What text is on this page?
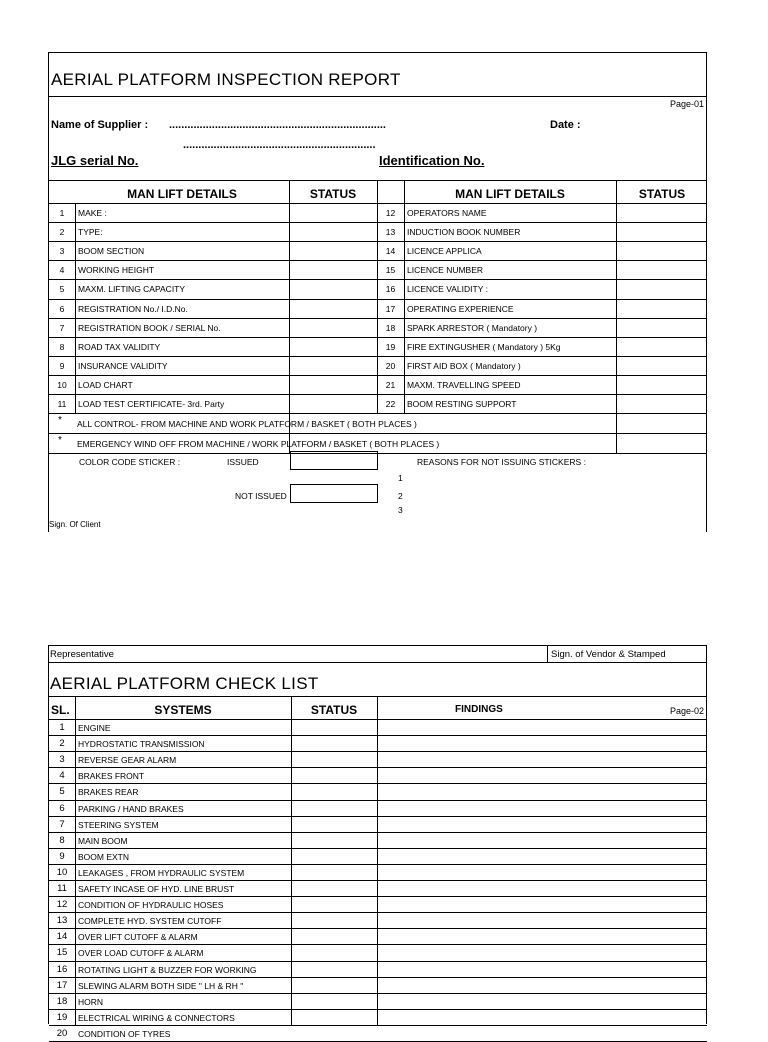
AERIAL PLATFORM INSPECTION REPORT
Page-01
Name of Supplier : .......................................................................
...............................................................
Date :
JLG serial No.	Identification No.
MAN LIFT DETAILS	STATUS	MAN LIFT DETAILS	STATUS
1	MAKE :	12	OPERATORS NAME
2	TYPE:	13	INDUCTION BOOK NUMBER
3	BOOM SECTION	14	LICENCE APPLICA
4	WORKING HEIGHT	15	LICENCE NUMBER
5	MAXM. LIFTING CAPACITY	16	LICENCE VALIDITY :
6	REGISTRATION No./ I.D.No.	17	OPERATING EXPERIENCE
7	REGISTRATION BOOK / SERIAL No.	18	SPARK ARRESTOR ( Mandatory )
8	ROAD TAX VALIDITY	19	FIRE EXTINGUSHER ( Mandatory ) 5Kg
9	INSURANCE VALIDITY	20	FIRST AID BOX ( Mandatory )
10	LOAD CHART	21	MAXM. TRAVELLING SPEED
11	LOAD TEST CERTIFICATE- 3rd. Party	22	BOOM RESTING SUPPORT
* ALL CONTROL- FROM MACHINE AND WORK PLATFORM / BASKET ( BOTH PLACES )
* EMERGENCY WIND OFF FROM MACHINE / WORK PLATFORM / BASKET ( BOTH PLACES )
COLOR CODE STICKER :	ISSUED
NOT ISSUED
REASONS FOR NOT ISSUING STICKERS :
1
2
3
Sign. Of Client
Representative	Sign. of Vendor & Stamped
AERIAL PLATFORM CHECK LIST
SL.	SYSTEMS	STATUS	FINDINGS	Page-02
1	ENGINE
2	HYDROSTATIC TRANSMISSION
3	REVERSE GEAR ALARM
4	BRAKES FRONT
5	BRAKES REAR
6	PARKING / HAND BRAKES
7	STEERING SYSTEM
8	MAIN BOOM
9	BOOM EXTN
10	LEAKAGES , FROM HYDRAULIC SYSTEM
11	SAFETY INCASE OF HYD. LINE BRUST
12	CONDITION OF HYDRAULIC HOSES
13	COMPLETE HYD. SYSTEM CUTOFF
14	OVER LIFT CUTOFF & ALARM
15	OVER LOAD CUTOFF & ALARM
16	ROTATING LIGHT & BUZZER FOR WORKING
17	SLEWING ALARM BOTH SIDE " LH & RH "
18	HORN
19	ELECTRICAL WIRING & CONNECTORS
20	CONDITION OF TYRES
